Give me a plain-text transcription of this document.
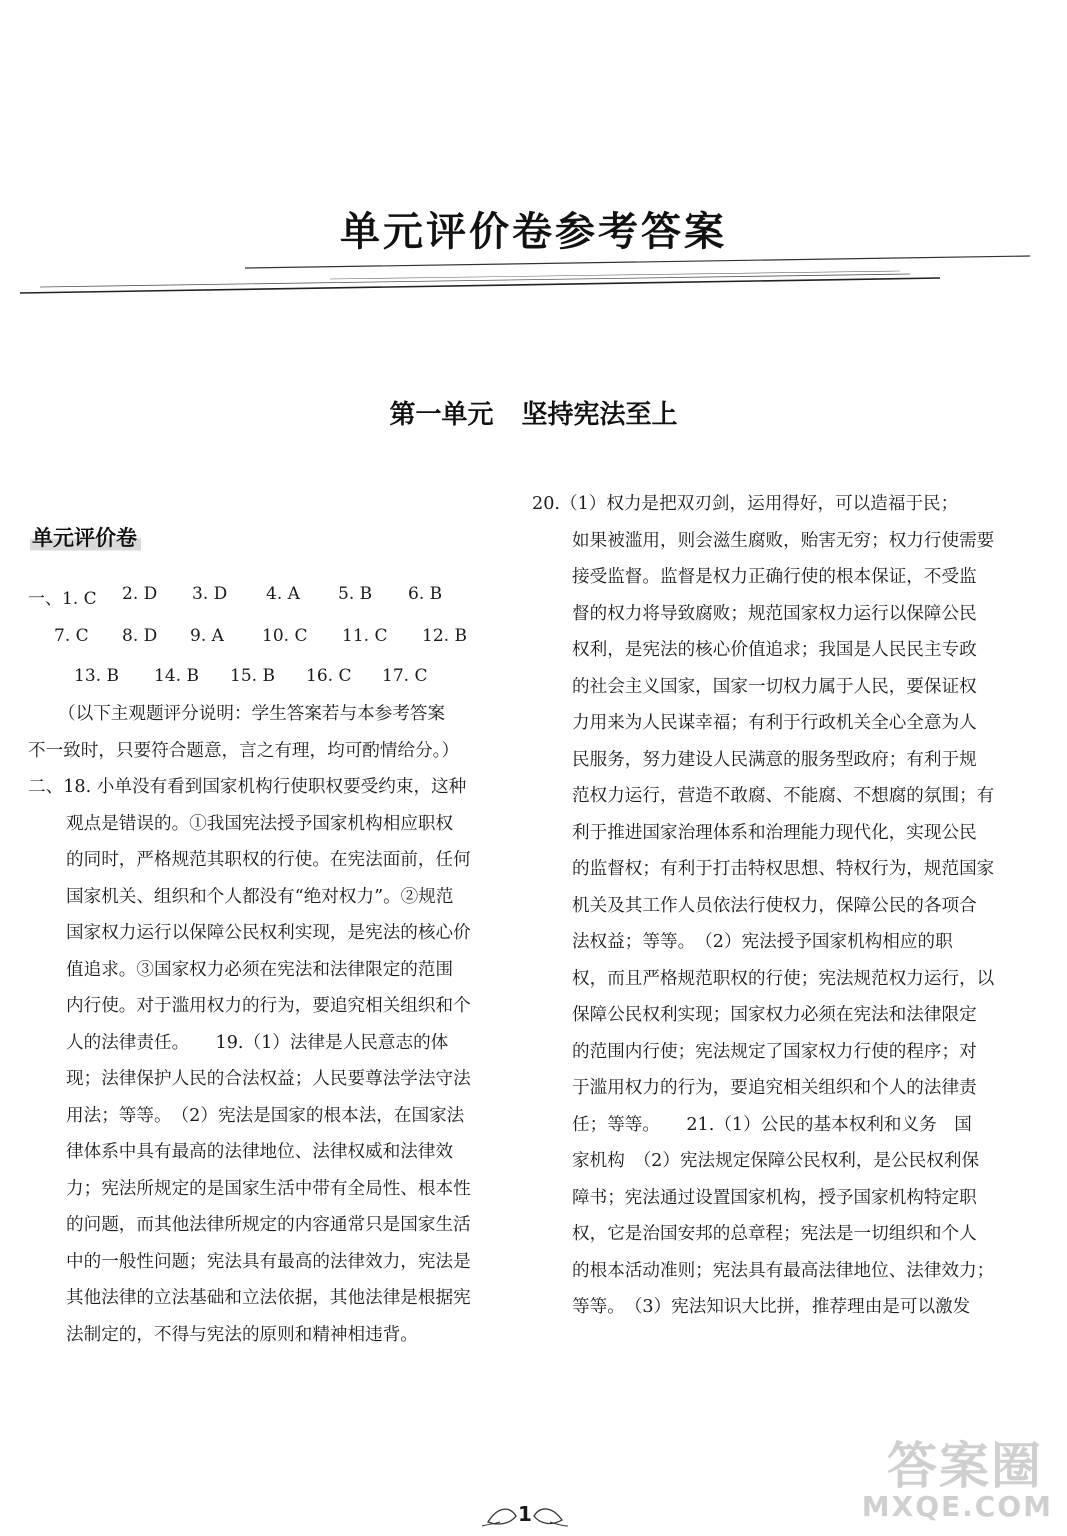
单元评价卷参考答案
第一单元 坚持宪法至上
单元评价卷
一、1. C 2. D 3. D 4. A 5. B 6. B
7. C 8. D 9. A 10. C 11. C 12. B
13. B 14. B 15. B 16. C 17. C
（以下主观题评分说明：学生答案若与本参考答案
不一致时，只要符合题意，言之有理，均可酌情给分。）
二、18. 小单没有看到国家机构行使职权要受约束，这种
观点是错误的。①我国宪法授予国家机构相应职权
的同时，严格规范其职权的行使。在宪法面前，任何
国家机关、组织和个人都没有“绝对权力”。②规范
国家权力运行以保障公民权利实现，是宪法的核心价
值追求。③国家权力必须在宪法和法律限定的范围
内行使。对于滥用权力的行为，要追究相关组织和个
人的法律责任。　　19.（1）法律是人民意志的体
现；法律保护人民的合法权益；人民要尊法学法守法
用法；等等。　（2）宪法是国家的根本法，在国家法
律体系中具有最高的法律地位、法律权威和法律效
力；宪法所规定的是国家生活中带有全局性、根本性
的问题，而其他法律所规定的内容通常只是国家生活
中的一般性问题；宪法具有最高的法律效力，宪法是
其他法律的立法基础和立法依据，其他法律是根据宪
法制定的，不得与宪法的原则和精神相违背。
20.（1）权力是把双刃剑，运用得好，可以造福于民；
如果被滥用，则会滋生腐败，贻害无穷；权力行使需要
接受监督。监督是权力正确行使的根本保证，不受监
督的权力将导致腐败；规范国家权力运行以保障公民
权利，是宪法的核心价值追求；我国是人民民主专政
的社会主义国家，国家一切权力属于人民，要保证权
力用来为人民谋幸福；有利于行政机关全心全意为人
民服务，努力建设人民满意的服务型政府；有利于规
范权力运行，营造不敢腐、不能腐、不想腐的氛围；有
利于推进国家治理体系和治理能力现代化，实现公民
的监督权；有利于打击特权思想、特权行为，规范国家
机关及其工作人员依法行使权力，保障公民的各项合
法权益；等等。　（2）宪法授予国家机构相应的职
权，而且严格规范职权的行使；宪法规范权力运行，以
保障公民权利实现；国家权力必须在宪法和法律限定
的范围内行使；宪法规定了国家权力行使的程序；对
于滥用权力的行为，要追究相关组织和个人的法律责
任；等等。　　21.（1）公民的基本权利和义务　国
家机构　（2）宪法规定保障公民权利，是公民权利保
障书；宪法通过设置国家机构，授予国家机构特定职
权，它是治国安邦的总章程；宪法是一切组织和个人
的根本活动准则；宪法具有最高法律地位、法律效力；
等等。　（3）宪法知识大比拼，推荐理由是可以激发
1
答案圈
MXQE.COM
